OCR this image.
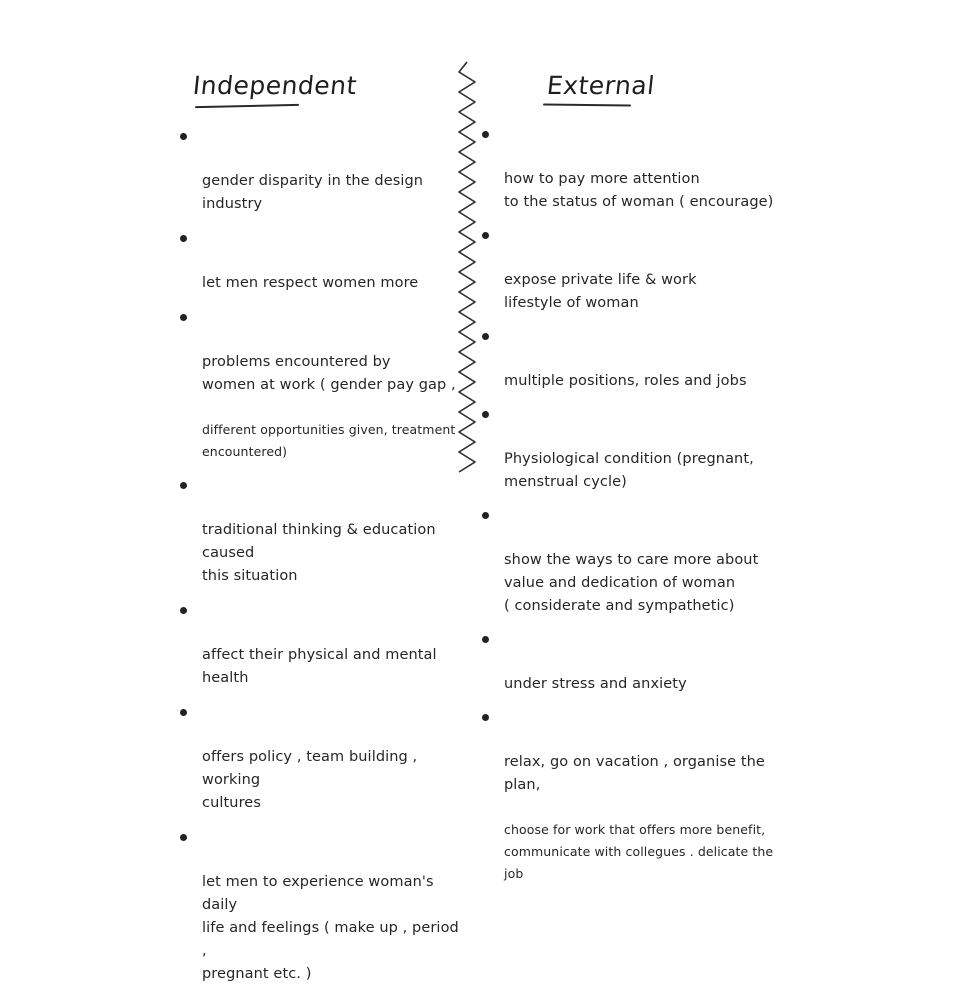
Independent	External

gender disparity in the design industry

let men respect women more

problems encountered by
women at work ( gender pay gap ,

different opportunities given, treatment encountered)

traditional thinking & education caused
this situation

affect their physical and mental health

offers policy , team building , working
cultures

let men to experience woman's daily
life and feelings ( make up , period ,
pregnant etc. )

how to pay more attention
to the status of woman ( encourage)

expose private life & work
lifestyle of woman

multiple positions, roles and jobs

Physiological condition (pregnant,
menstrual cycle)

show the ways to care more about
value and dedication of woman
( considerate and sympathetic)

under stress and anxiety

relax, go on vacation , organise the plan,

choose for work that offers more benefit,
communicate with collegues . delicate the job
